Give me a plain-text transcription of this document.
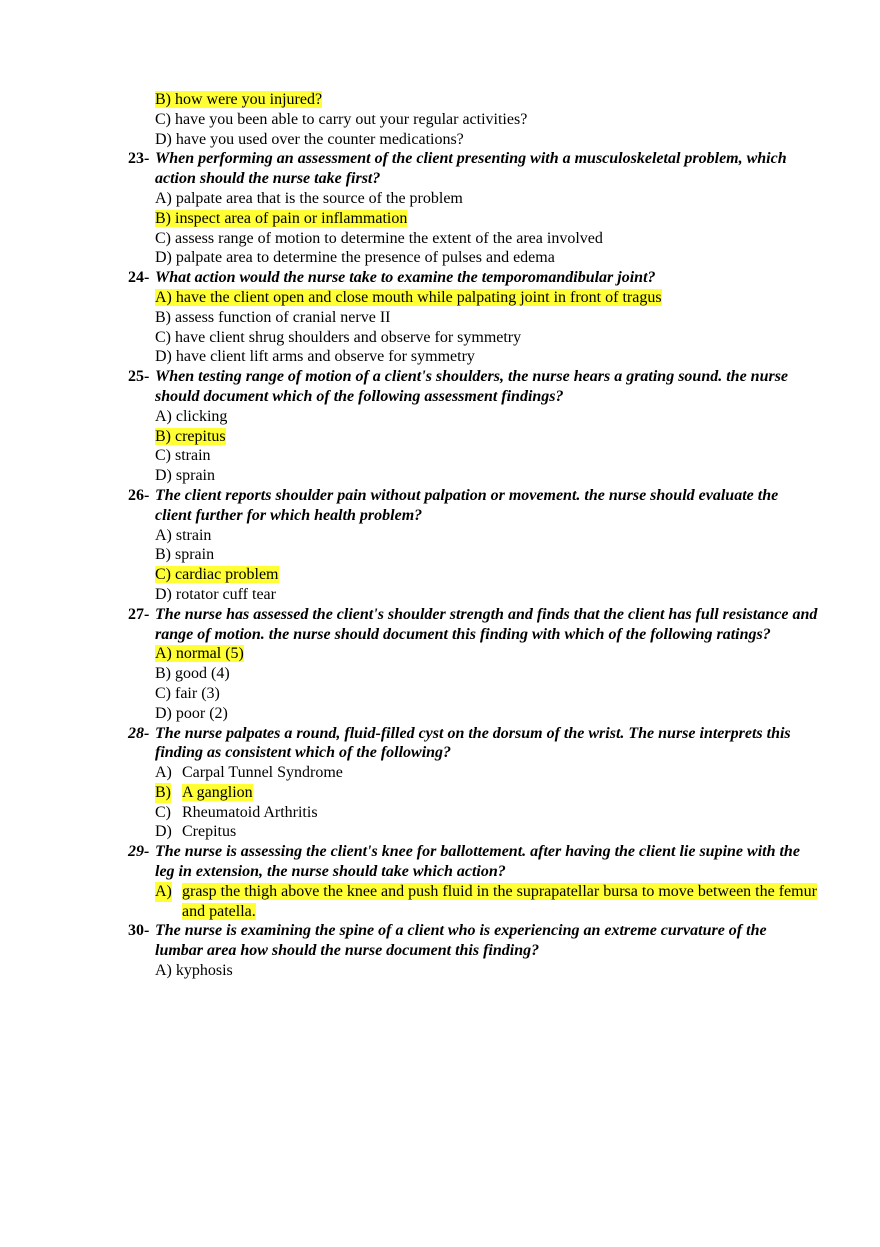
B) how were you injured?
C) have you been able to carry out your regular activities?
D) have you used over the counter medications?
23- When performing an assessment of the client presenting with a musculoskeletal problem, which action should the nurse take first?
A) palpate area that is the source of the problem
B) inspect area of pain or inflammation
C) assess range of motion to determine the extent of the area involved
D) palpate area to determine the presence of pulses and edema
24- What action would the nurse take to examine the temporomandibular joint?
A) have the client open and close mouth while palpating joint in front of tragus
B) assess function of cranial nerve II
C) have client shrug shoulders and observe for symmetry
D) have client lift arms and observe for symmetry
25- When testing range of motion of a client's shoulders, the nurse hears a grating sound. the nurse should document which of the following assessment findings?
A) clicking
B) crepitus
C) strain
D) sprain
26- The client reports shoulder pain without palpation or movement. the nurse should evaluate the client further for which health problem?
A) strain
B) sprain
C) cardiac problem
D) rotator cuff tear
27- The nurse has assessed the client's shoulder strength and finds that the client has full resistance and range of motion. the nurse should document this finding with which of the following ratings?
A) normal (5)
B) good (4)
C) fair (3)
D) poor (2)
28- The nurse palpates a round, fluid-filled cyst on the dorsum of the wrist. The nurse interprets this finding as consistent which of the following?
A) Carpal Tunnel Syndrome
B) A ganglion
C) Rheumatoid Arthritis
D) Crepitus
29- The nurse is assessing the client's knee for ballottement. after having the client lie supine with the leg in extension, the nurse should take which action?
A) grasp the thigh above the knee and push fluid in the suprapatellar bursa to move between the femur and patella.
30- The nurse is examining the spine of a client who is experiencing an extreme curvature of the lumbar area how should the nurse document this finding?
A) kyphosis
